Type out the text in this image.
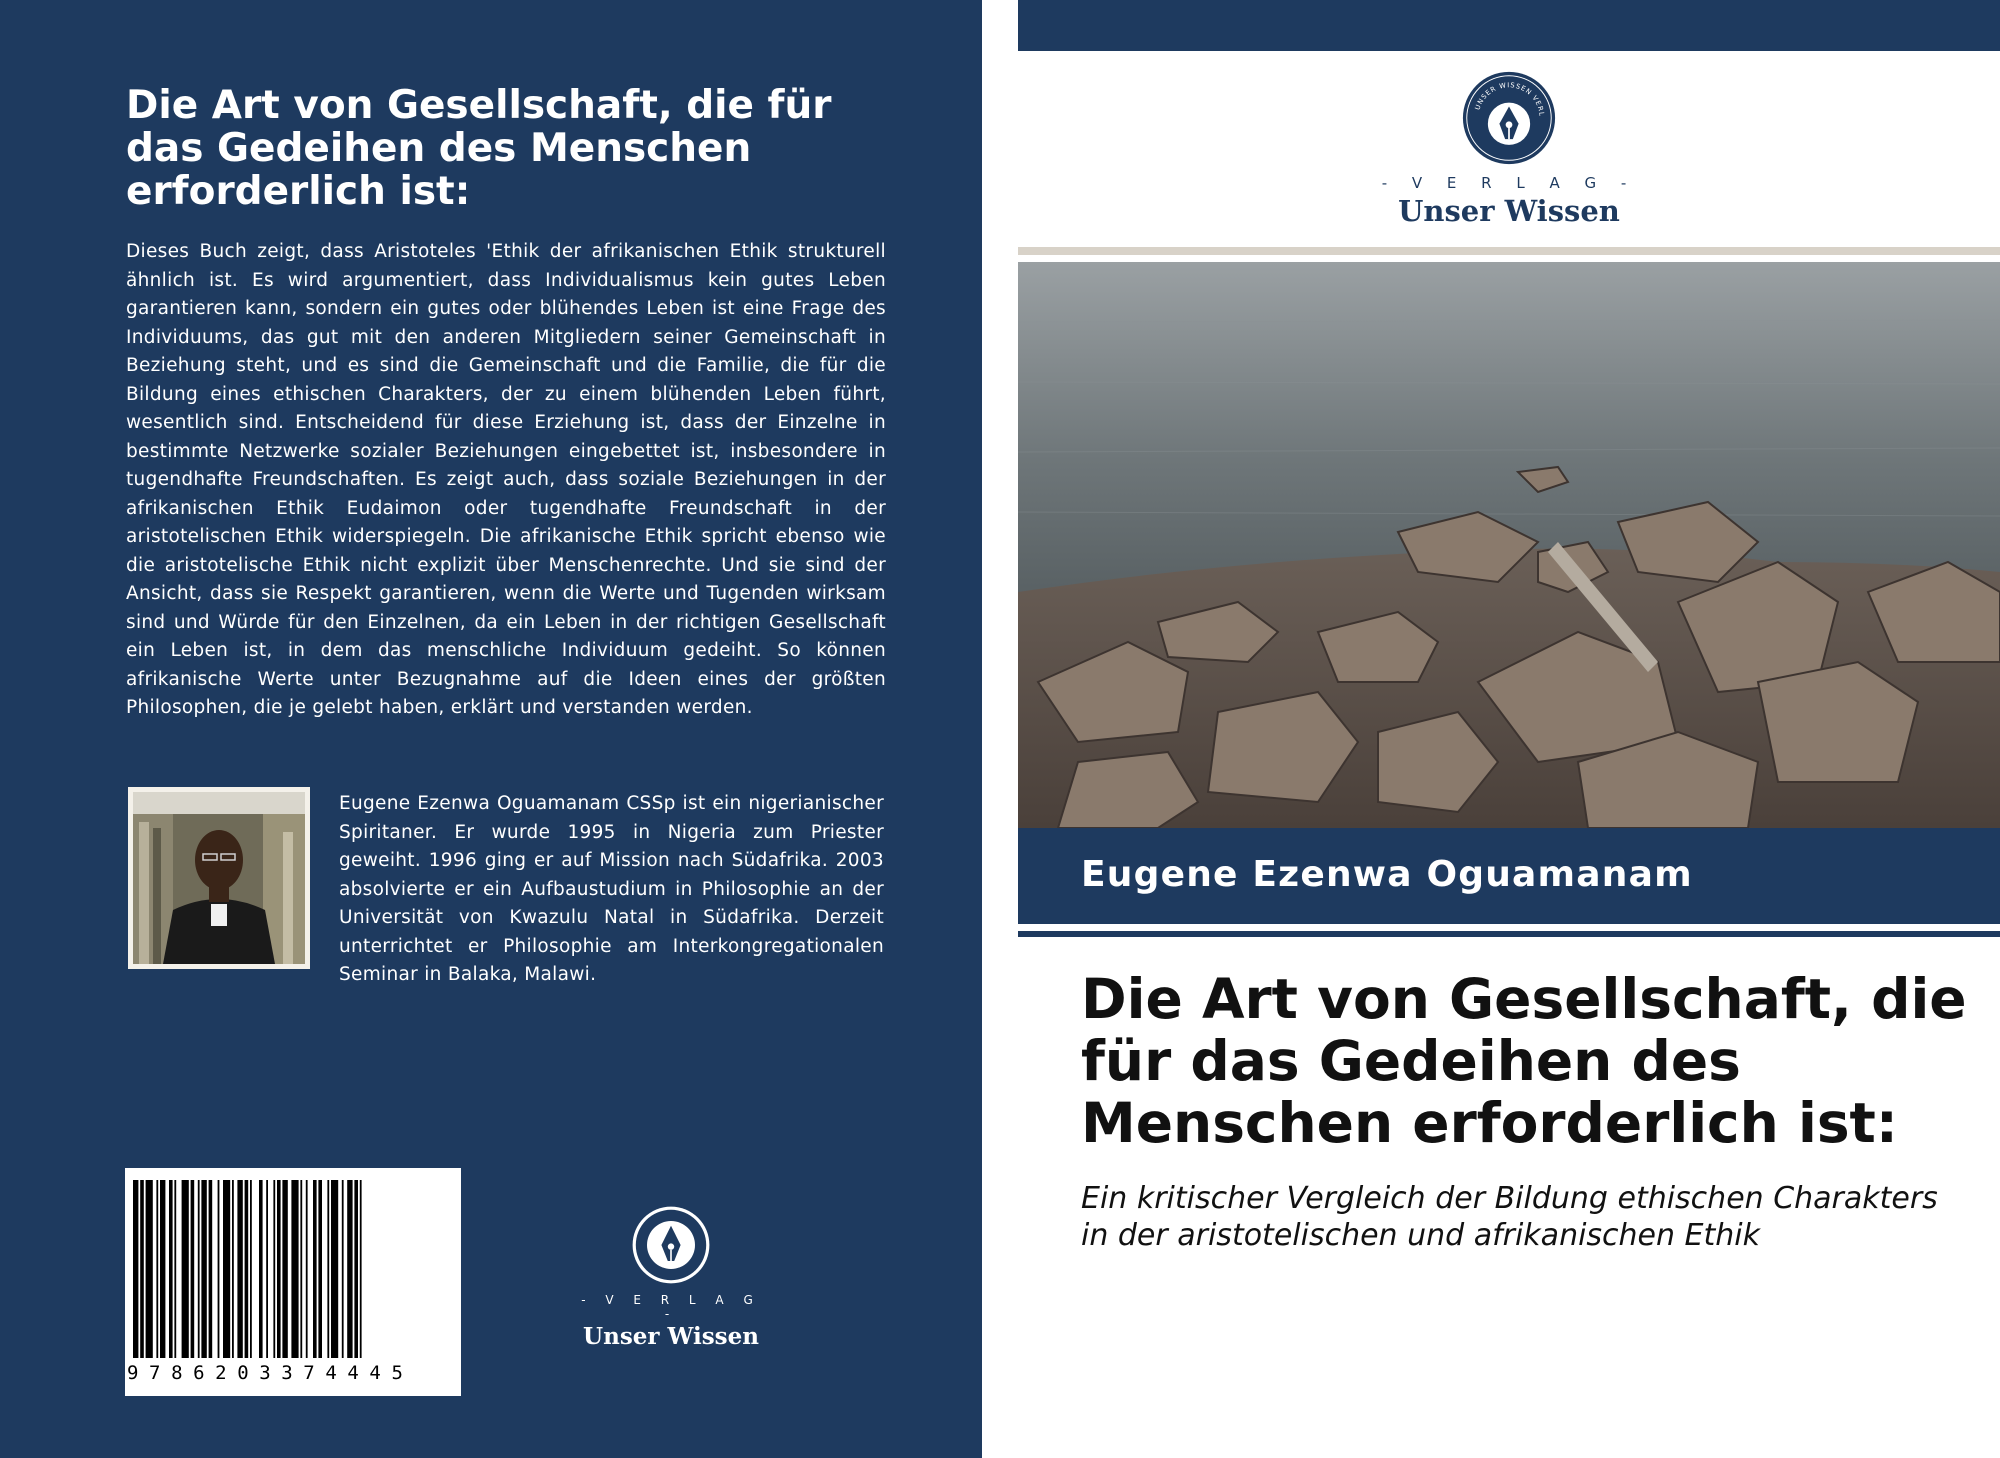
Die Art von Gesellschaft, die für das Gedeihen des Menschen erforderlich ist:

Dieses Buch zeigt, dass Aristoteles 'Ethik der afrikanischen Ethik strukturell ähnlich ist. Es wird argumentiert, dass Individualismus kein gutes Leben garantieren kann, sondern ein gutes oder blühendes Leben ist eine Frage des Individuums, das gut mit den anderen Mitgliedern seiner Gemeinschaft in Beziehung steht, und es sind die Gemeinschaft und die Familie, die für die Bildung eines ethischen Charakters, der zu einem blühenden Leben führt, wesentlich sind. Entscheidend für diese Erziehung ist, dass der Einzelne in bestimmte Netzwerke sozialer Beziehungen eingebettet ist, insbesondere in tugendhafte Freundschaften. Es zeigt auch, dass soziale Beziehungen in der afrikanischen Ethik Eudaimon oder tugendhafte Freundschaft in der aristotelischen Ethik widerspiegeln. Die afrikanische Ethik spricht ebenso wie die aristotelische Ethik nicht explizit über Menschenrechte. Und sie sind der Ansicht, dass sie Respekt garantieren, wenn die Werte und Tugenden wirksam sind und Würde für den Einzelnen, da ein Leben in der richtigen Gesellschaft ein Leben ist, in dem das menschliche Individuum gedeiht. So können afrikanische Werte unter Bezugnahme auf die Ideen eines der größten Philosophen, die je gelebt haben, erklärt und verstanden werden.

Eugene Ezenwa Oguamanam CSSp ist ein nigerianischer Spiritaner. Er wurde 1995 in Nigeria zum Priester geweiht. 1996 ging er auf Mission nach Südafrika. 2003 absolvierte er ein Aufbaustudium in Philosophie an der Universität von Kwazulu Natal in Südafrika. Derzeit unterrichtet er Philosophie am Interkongregationalen Seminar in Balaka, Malawi.

9786203374445
- V E R L A G -
Unser Wissen
UNSER WISSEN VERL
- V E R L A G -
Unser Wissen
Eugene Ezenwa Oguamanam
Die Art von Gesellschaft, die für das Gedeihen des Menschen erforderlich ist:

Ein kritischer Vergleich der Bildung ethischen Charakters in der aristotelischen und afrikanischen Ethik
